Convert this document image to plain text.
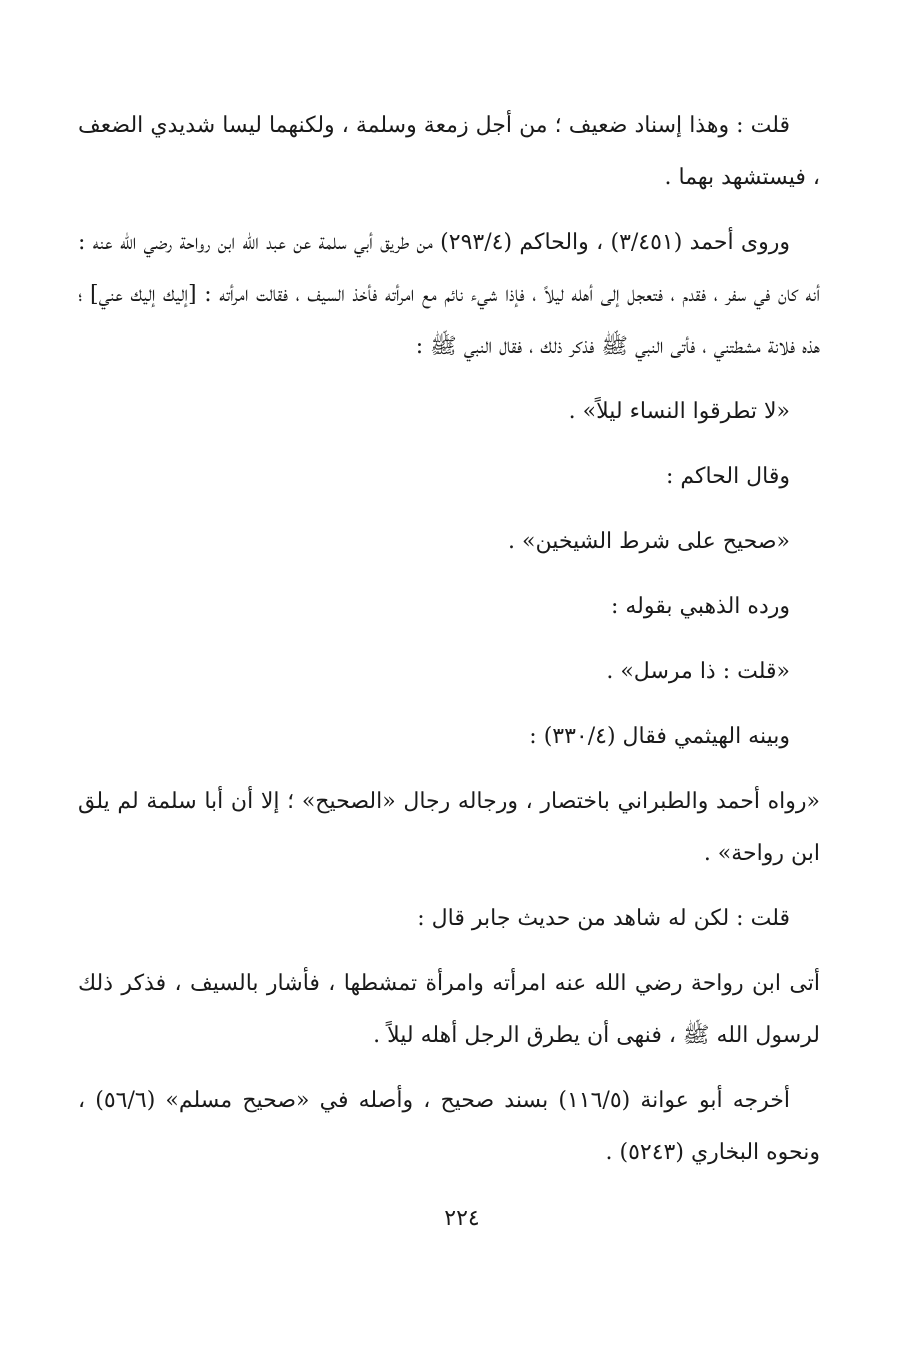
قلت : وهذا إسناد ضعيف ؛ من أجل زمعة وسلمة ، ولكنهما ليسا شديدي الضعف ، فيستشهد بهما .

وروى أحمد (٣/٤٥١) ، والحاكم (٢٩٣/٤) من طريق أبي سلمة عن عبد الله ابن رواحة رضي الله عنه : أنه كان في سفر ، فقدم ، فتعجل إلى أهله ليلاً ، فإذا شيء نائم مع امرأته فأخذ السيف ، فقالت امرأته : [إليك إليك عني] ؛ هذه فلانة مشطتني ، فأتى النبي ﷺ فذكر ذلك ، فقال النبي ﷺ :

«لا تطرقوا النساء ليلاً» .

وقال الحاكم :

«صحيح على شرط الشيخين» .

ورده الذهبي بقوله :

«قلت : ذا مرسل» .

وبينه الهيثمي فقال (٣٣٠/٤) :

«رواه أحمد والطبراني باختصار ، ورجاله رجال «الصحيح» ؛ إلا أن أبا سلمة لم يلق ابن رواحة» .

قلت : لكن له شاهد من حديث جابر قال :

أتى ابن رواحة رضي الله عنه امرأته وامرأة تمشطها ، فأشار بالسيف ، فذكر ذلك لرسول الله ﷺ ، فنهى أن يطرق الرجل أهله ليلاً .

أخرجه أبو عوانة (١١٦/٥) بسند صحيح ، وأصله في «صحيح مسلم» (٥٦/٦) ، ونحوه البخاري (٥٢٤٣) .

٢٢٤
